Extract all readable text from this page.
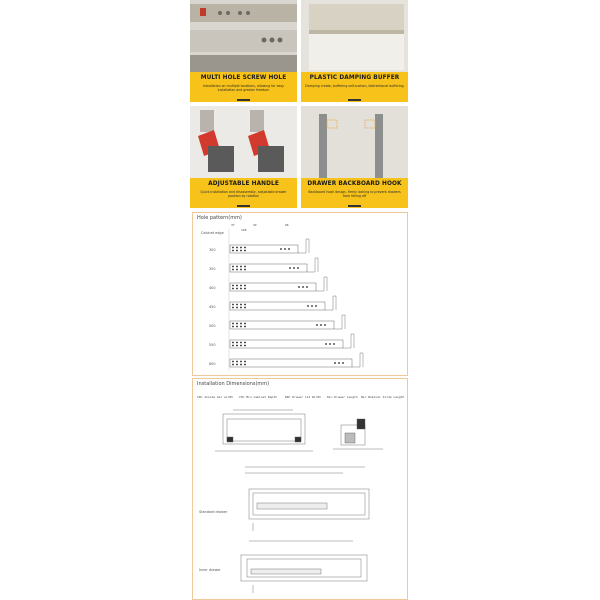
MULTI HOLE SCREW HOLE
Installation on multiple locations, allowing for easy installation and greater freedom
PLASTIC DAMPING BUFFER
Damping create, buffering self-suction, bidirectional buffering
ADJUSTABLE HANDLE
Quick installation and disassembly, adjustable drawer position by rotation
DRAWER BACKBOARD HOOK
Backboard hook design, firmly locking to prevent drawers from falling off
Hole pattern(mm)
Cabinet edge
37
128
32	96
300
350
400
450
500
550
600
Installation Dimensions(mm)
CN= Inside bar width CH= Min Cabinet Depth	DN= Drawer lat Width DL= Drawer Length NL= Nominal Slide Length
Standard drawer
Inner drawer
